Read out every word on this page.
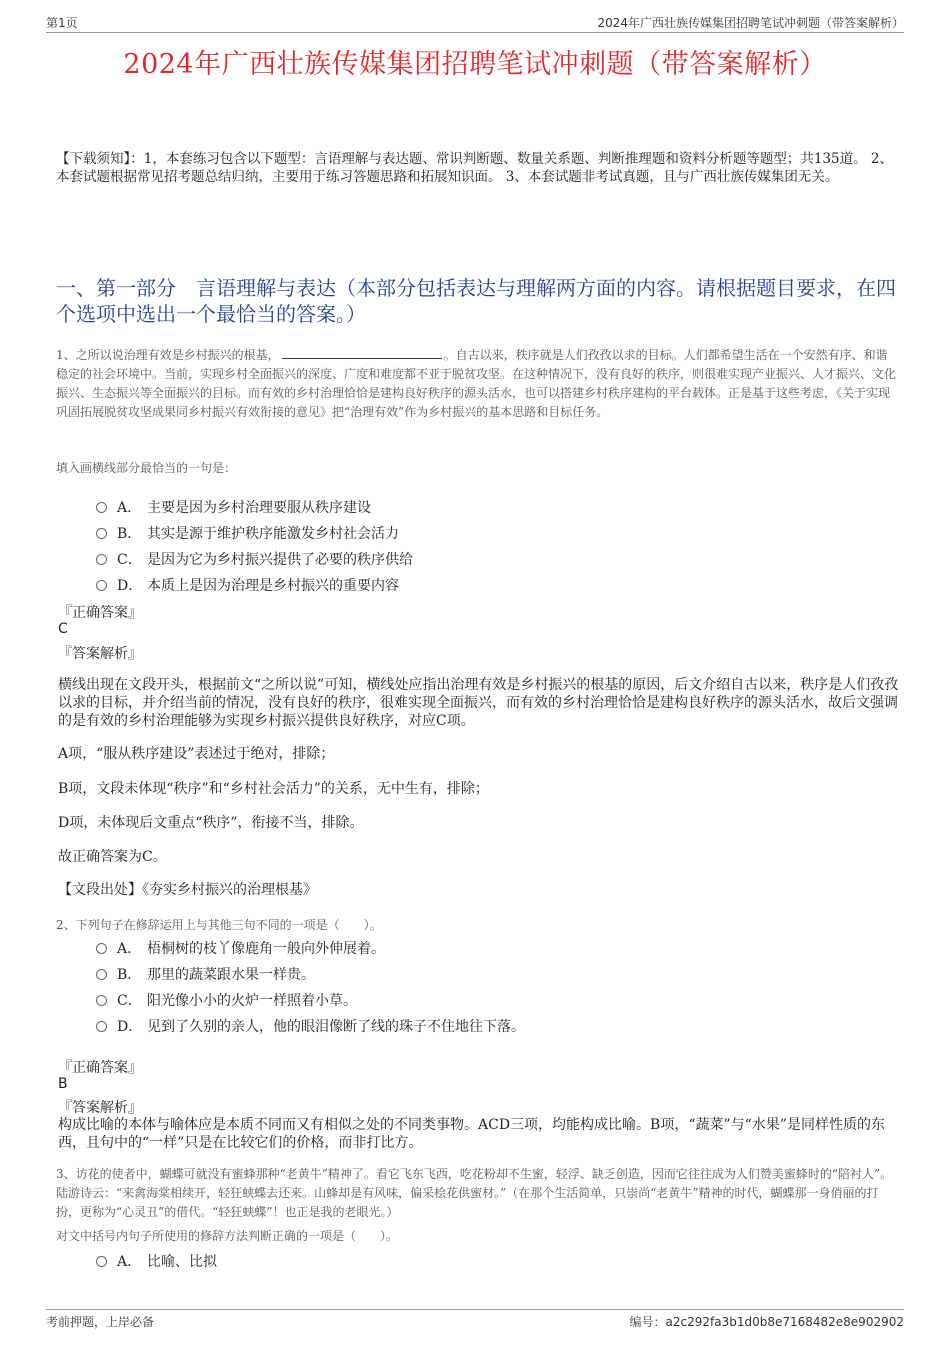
第1页	2024年广西壮族传媒集团招聘笔试冲刺题（带答案解析）
2024年广西壮族传媒集团招聘笔试冲刺题（带答案解析）
【下载须知】：1，本套练习包含以下题型：言语理解与表达题、常识判断题、数量关系题、判断推理题和资料分析题等题型；共135道。 2、本套试题根据常见招考题总结归纳，主要用于练习答题思路和拓展知识面。 3、本套试题非考试真题，且与广西壮族传媒集团无关。
一、第一部分　言语理解与表达（本部分包括表达与理解两方面的内容。请根据题目要求，在四个选项中选出一个最恰当的答案。）
1、之所以说治理有效是乡村振兴的根基，	。自古以来，秩序就是人们孜孜以求的目标。人们都希望生活在一个安然有序、和谐稳定的社会环境中。当前，实现乡村全面振兴的深度、广度和难度都不亚于脱贫攻坚。在这种情况下，没有良好的秩序，则很难实现产业振兴、人才振兴、文化振兴、生态振兴等全面振兴的目标。而有效的乡村治理恰恰是建构良好秩序的源头活水，也可以搭建乡村秩序建构的平台载体。正是基于这些考虑，《关于实现巩固拓展脱贫攻坚成果同乡村振兴有效衔接的意见》把“治理有效”作为乡村振兴的基本思路和目标任务。
填入画横线部分最恰当的一句是：
A． 主要是因为乡村治理要服从秩序建设
B． 其实是源于维护秩序能激发乡村社会活力
C． 是因为它为乡村振兴提供了必要的秩序供给
D． 本质上是因为治理是乡村振兴的重要内容
『正确答案』
C
『答案解析』
横线出现在文段开头，根据前文“之所以说”可知，横线处应指出治理有效是乡村振兴的根基的原因，后文介绍自古以来，秩序是人们孜孜以求的目标，并介绍当前的情况，没有良好的秩序，很难实现全面振兴，而有效的乡村治理恰恰是建构良好秩序的源头活水，故后文强调的是有效的乡村治理能够为实现乡村振兴提供良好秩序，对应C项。
A项，“服从秩序建设”表述过于绝对，排除；
B项，文段未体现“秩序”和“乡村社会活力”的关系，无中生有，排除；
D项，未体现后文重点“秩序”，衔接不当，排除。
故正确答案为C。
【文段出处】《夯实乡村振兴的治理根基》
2、下列句子在修辞运用上与其他三句不同的一项是（　　）。
A． 梧桐树的枝丫像鹿角一般向外伸展着。
B． 那里的蔬菜跟水果一样贵。
C． 阳光像小小的火炉一样照着小草。
D． 见到了久别的亲人，他的眼泪像断了线的珠子不住地往下落。
『正确答案』
B
『答案解析』
构成比喻的本体与喻体应是本质不同而又有相似之处的不同类事物。ACD三项，均能构成比喻。B项，“蔬菜”与“水果”是同样性质的东西，且句中的“一样”只是在比较它们的价格，而非打比方。
3、访花的使者中，蝴蝶可就没有蜜蜂那种“老黄牛”精神了。看它飞东飞西，吃花粉却不生蜜，轻浮、缺乏创造，因而它往往成为人们赞美蜜蜂时的“陪衬人”。陆游诗云：“来禽海棠相续开，轻狂蛱蝶去还来。山蜂却是有风味，偏采桧花供蜜材。”（在那个生活简单，只崇尚“老黄牛”精神的时代，蝴蝶那一身俏丽的打扮，更称为“心灵丑”的借代。“轻狂蛱蝶”！也正是我的老眼光。）
对文中括号内句子所使用的修辞方法判断正确的一项是（　　）。
A． 比喻、比拟
考前押题，上岸必备	编号：a2c292fa3b1d0b8e7168482e8e902902
